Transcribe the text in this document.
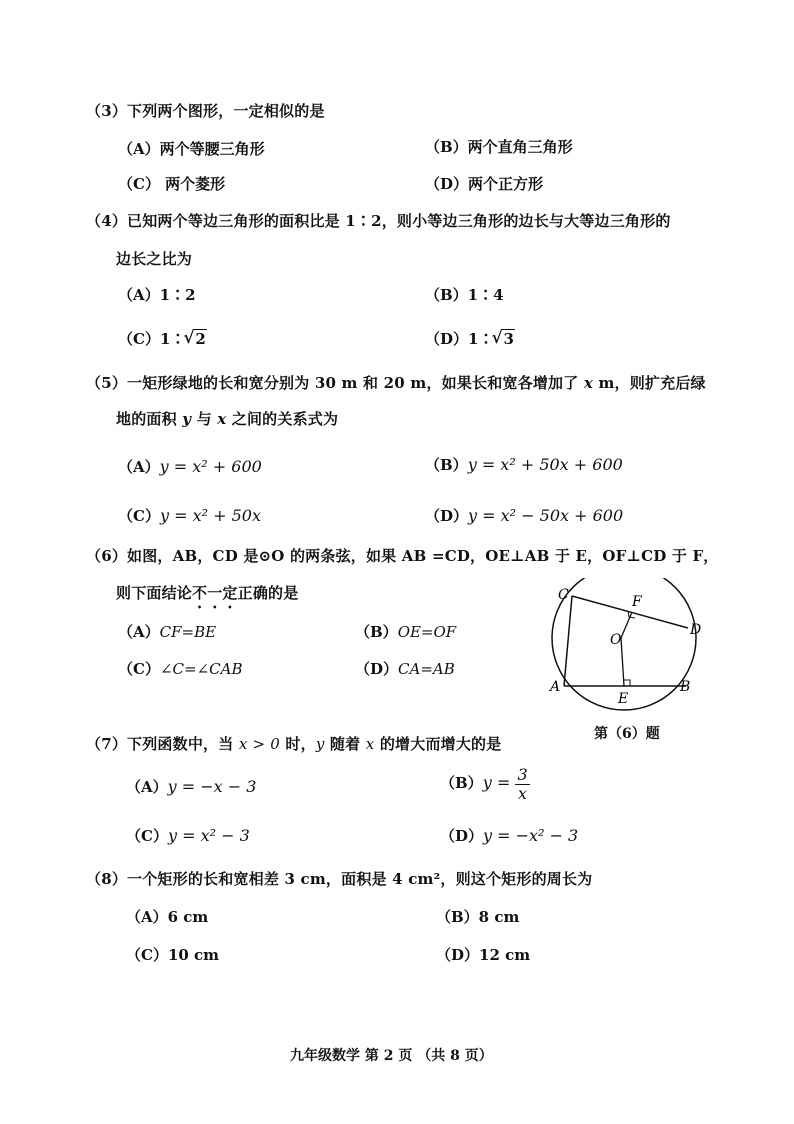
（3）下列两个图形，一定相似的是
（A）两个等腰三角形	（B）两个直角三角形
（C） 两个菱形	（D）两个正方形
（4）已知两个等边三角形的面积比是 1∶2，则小等边三角形的边长与大等边三角形的
边长之比为
（A）1∶2	（B）1∶4
（C）1∶ √ 2	（D）1∶ √ 3
（5）一矩形绿地的长和宽分别为 30 m 和 20 m，如果长和宽各增加了 x m，则扩充后绿
地的面积 y 与 x 之间的关系式为
（A）y = x² + 600	（B）y = x² + 50x + 600
（C）y = x² + 50x	（D）y = x² − 50x + 600
（6）如图，AB，CD 是⊙O 的两条弦，如果 AB =CD，OE⊥AB 于 E，OF⊥CD 于 F，
则下面结论不一定正确的是
（A）CF=BE	（B）OE=OF
（C）∠C=∠CAB	（D）CA=AB
C	F
D
O
A
E
B
第（6）题
（7）下列函数中，当 x > 0 时，y 随着 x 的增大而增大的是
（A）y = −x − 3	$(B)y = \frac{3}{x}$
（C）y = x² − 3	（D）y = −x² − 3
（8）一个矩形的长和宽相差 3 cm，面积是 4 cm²，则这个矩形的周长为
（A）6 cm	（B）8 cm
（C）10 cm	（D）12 cm
九年级数学 第 2 页 （共 8 页）
